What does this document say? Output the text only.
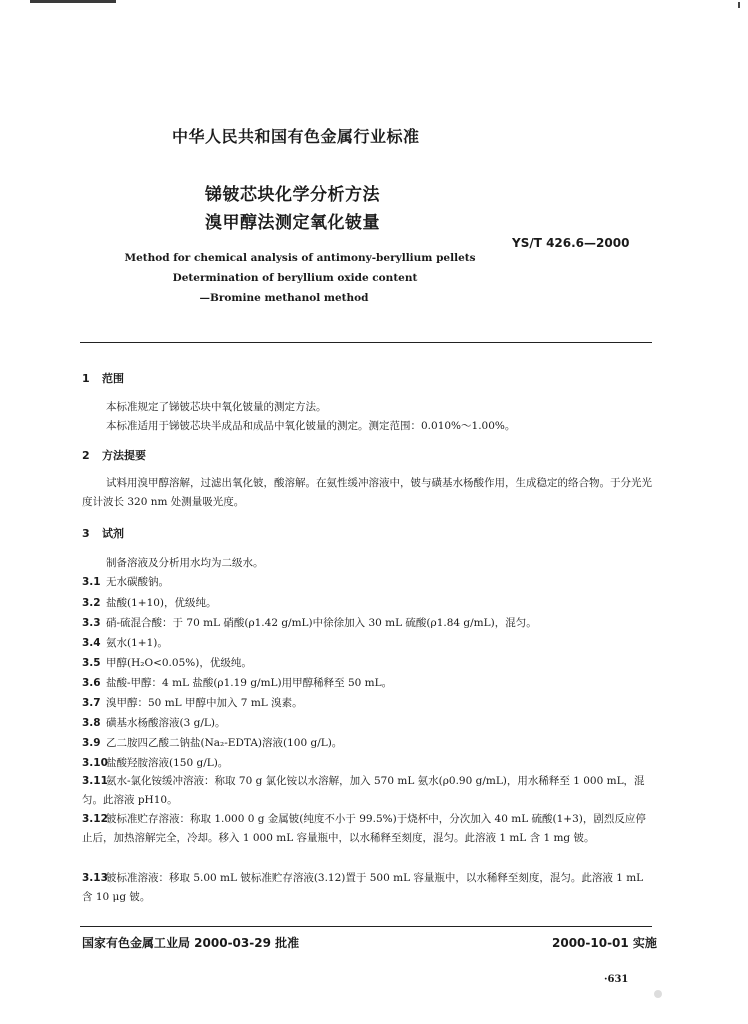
中华人民共和国有色金属行业标准
锑铍芯块化学分析方法
溴甲醇法测定氧化铍量
YS/T 426.6—2000
Method for chemical analysis of antimony-beryllium pellets
Determination of beryllium oxide content
—Bromine methanol method
1 范围
本标准规定了锑铍芯块中氧化铍量的测定方法。
本标准适用于锑铍芯块半成品和成品中氧化铍量的测定。测定范围：0.010%～1.00%。
2 方法提要
试料用溴甲醇溶解，过滤出氧化铍，酸溶解。在氨性缓冲溶液中，铍与磺基水杨酸作用，生成稳定的络合物。于分光光度计波长 320 nm 处测量吸光度。
3 试剂
制备溶液及分析用水均为二级水。
3.1 无水碳酸钠。
3.2 盐酸(1+10)，优级纯。
3.3 硝-硫混合酸：于 70 mL 硝酸(ρ1.42 g/mL)中徐徐加入 30 mL 硫酸(ρ1.84 g/mL)，混匀。
3.4 氨水(1+1)。
3.5 甲醇(H₂O<0.05%)，优级纯。
3.6 盐酸-甲醇：4 mL 盐酸(ρ1.19 g/mL)用甲醇稀释至 50 mL。
3.7 溴甲醇：50 mL 甲醇中加入 7 mL 溴素。
3.8 磺基水杨酸溶液(3 g/L)。
3.9 乙二胺四乙酸二钠盐(Na₂-EDTA)溶液(100 g/L)。
3.10盐酸羟胺溶液(150 g/L)。
3.11氨水-氯化铵缓冲溶液：称取 70 g 氯化铵以水溶解，加入 570 mL 氨水(ρ0.90 g/mL)，用水稀释至 1 000 mL，混匀。此溶液 pH10。
3.12铍标准贮存溶液：称取 1.000 0 g 金属铍(纯度不小于 99.5%)于烧杯中，分次加入 40 mL 硫酸(1+3)，剧烈反应停止后，加热溶解完全，冷却。移入 1 000 mL 容量瓶中，以水稀释至刻度，混匀。此溶液 1 mL 含 1 mg 铍。
3.13铍标准溶液：移取 5.00 mL 铍标准贮存溶液(3.12)置于 500 mL 容量瓶中，以水稀释至刻度，混匀。此溶液 1 mL 含 10 μg 铍。
国家有色金属工业局 2000-03-29 批准	2000-10-01 实施
·631
